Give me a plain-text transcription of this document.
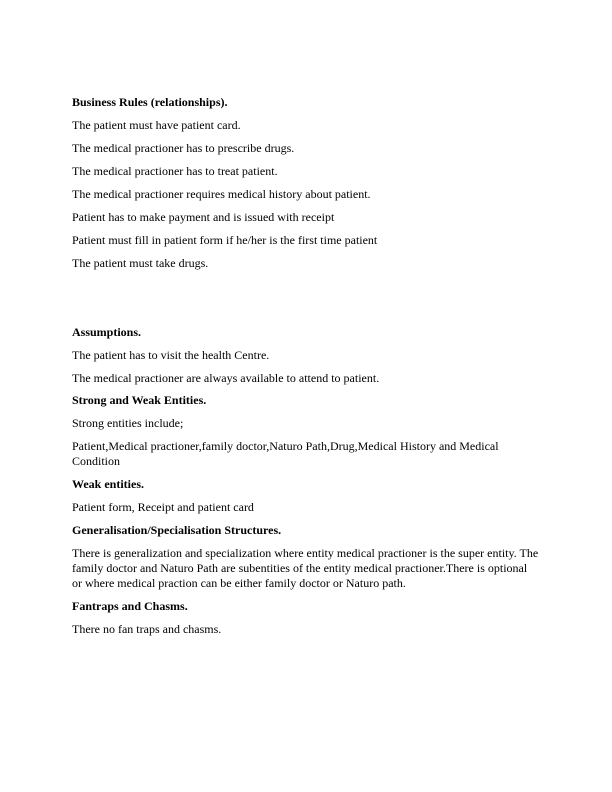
Business Rules (relationships).
The patient must have patient card.
The medical practioner has to prescribe drugs.
The medical practioner has to treat patient.
The medical practioner requires medical history about patient.
Patient has to make payment and is issued with receipt
Patient must fill in patient form if he/her is the first time patient
The patient must take drugs.
Assumptions.
The patient has to visit the health Centre.
The medical practioner are always available to attend to patient.
Strong and Weak Entities.
Strong entities include;
Patient,Medical practioner,family doctor,Naturo Path,Drug,Medical History and Medical
Condition
Weak entities.
Patient form, Receipt and patient card
Generalisation/Specialisation Structures.
There is generalization and specialization where entity medical practioner is the super entity. The
family doctor and Naturo Path are subentities of the entity medical practioner.There is optional
or where medical praction can be either family doctor or Naturo path.
Fantraps and Chasms.
There no fan traps and chasms.
